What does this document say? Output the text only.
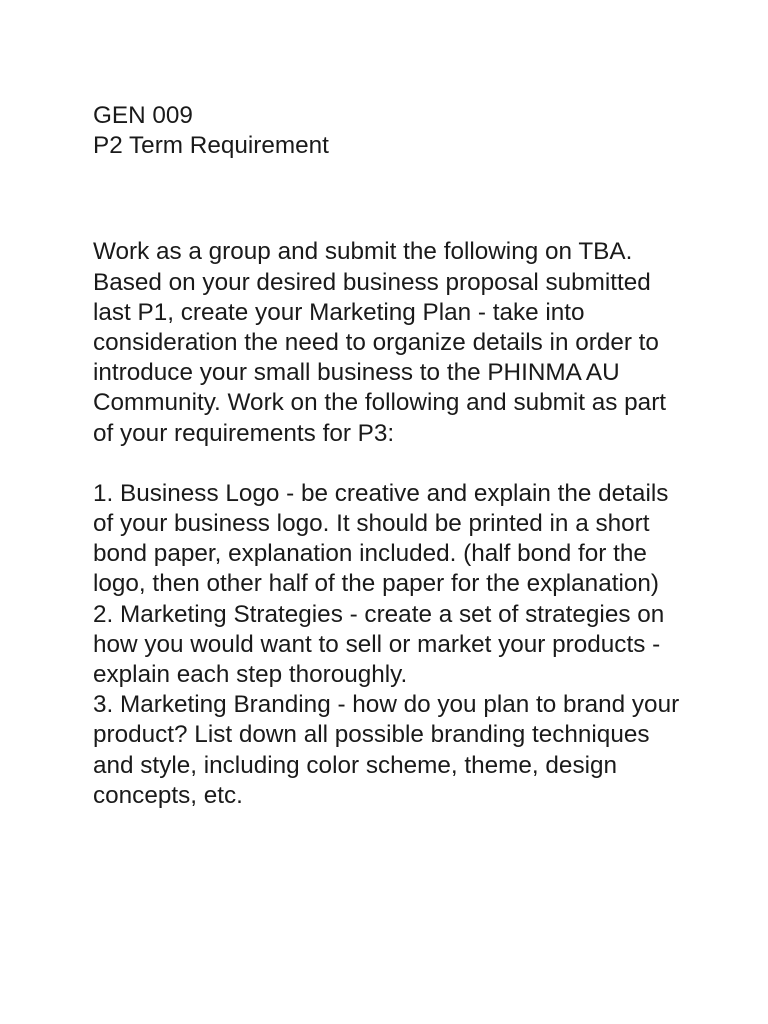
GEN 009
P2 Term Requirement

Work as a group and submit the following on TBA. Based on your desired business proposal submitted last P1, create your Marketing Plan - take into consideration the need to organize details in order to introduce your small business to the PHINMA AU Community. Work on the following and submit as part of your requirements for P3:

1. Business Logo - be creative and explain the details of your business logo. It should be printed in a short bond paper, explanation included. (half bond for the logo, then other half of the paper for the explanation)
2. Marketing Strategies - create a set of strategies on how you would want to sell or market your products - explain each step thoroughly.
3. Marketing Branding - how do you plan to brand your product? List down all possible branding techniques and style, including color scheme, theme, design concepts, etc.
